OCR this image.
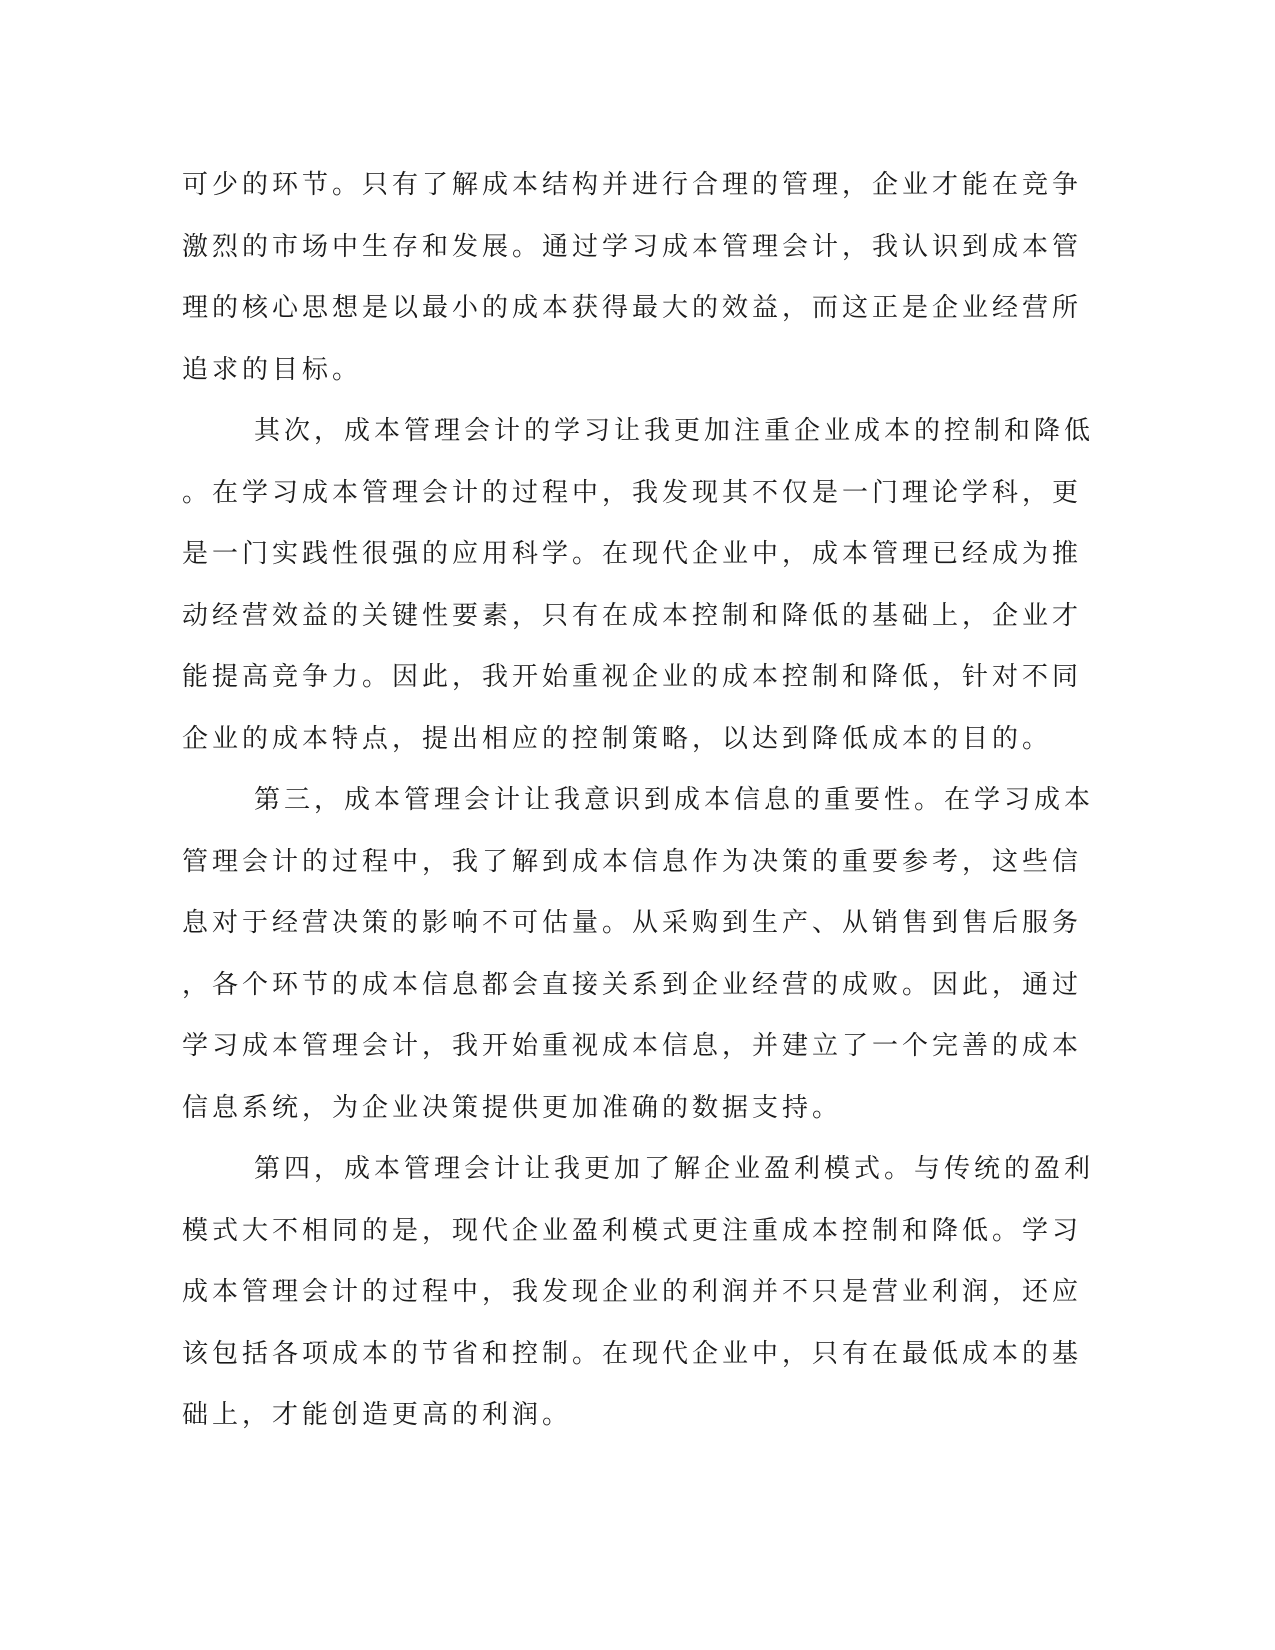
可少的环节。只有了解成本结构并进行合理的管理，企业才能在竞争
激烈的市场中生存和发展。通过学习成本管理会计，我认识到成本管
理的核心思想是以最小的成本获得最大的效益，而这正是企业经营所
追求的目标。
其次，成本管理会计的学习让我更加注重企业成本的控制和降低
。在学习成本管理会计的过程中，我发现其不仅是一门理论学科，更
是一门实践性很强的应用科学。在现代企业中，成本管理已经成为推
动经营效益的关键性要素，只有在成本控制和降低的基础上，企业才
能提高竞争力。因此，我开始重视企业的成本控制和降低，针对不同
企业的成本特点，提出相应的控制策略，以达到降低成本的目的。
第三，成本管理会计让我意识到成本信息的重要性。在学习成本
管理会计的过程中，我了解到成本信息作为决策的重要参考，这些信
息对于经营决策的影响不可估量。从采购到生产、从销售到售后服务
，各个环节的成本信息都会直接关系到企业经营的成败。因此，通过
学习成本管理会计，我开始重视成本信息，并建立了一个完善的成本
信息系统，为企业决策提供更加准确的数据支持。
第四，成本管理会计让我更加了解企业盈利模式。与传统的盈利
模式大不相同的是，现代企业盈利模式更注重成本控制和降低。学习
成本管理会计的过程中，我发现企业的利润并不只是营业利润，还应
该包括各项成本的节省和控制。在现代企业中，只有在最低成本的基
础上，才能创造更高的利润。
